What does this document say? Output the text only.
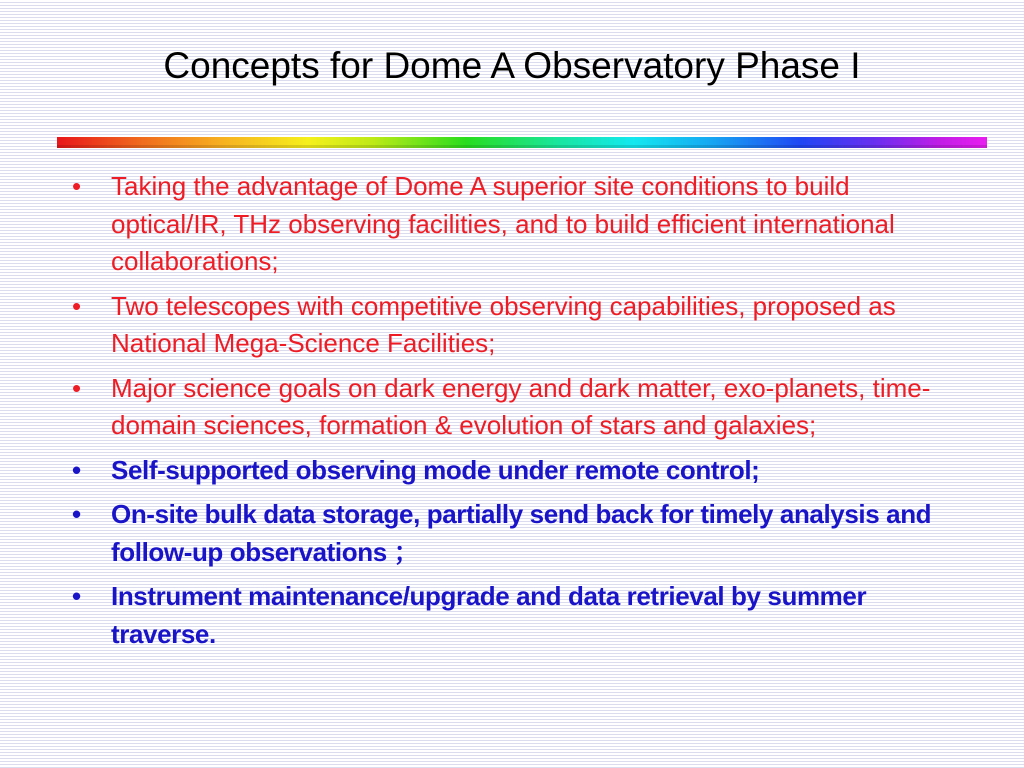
Concepts for Dome A Observatory Phase I
•	Taking the advantage of Dome A superior site conditions to build optical/IR, THz observing facilities, and to build efficient international collaborations;
•	Two telescopes with competitive observing capabilities, proposed as National Mega-Science Facilities;
•	Major science goals on dark energy and dark matter, exo-planets, time-domain sciences, formation & evolution of stars and galaxies;
•	Self-supported observing mode under remote control;
•	On-site bulk data storage, partially send back for timely analysis and follow-up observations ；
•	Instrument maintenance/upgrade and data retrieval by summer traverse.
